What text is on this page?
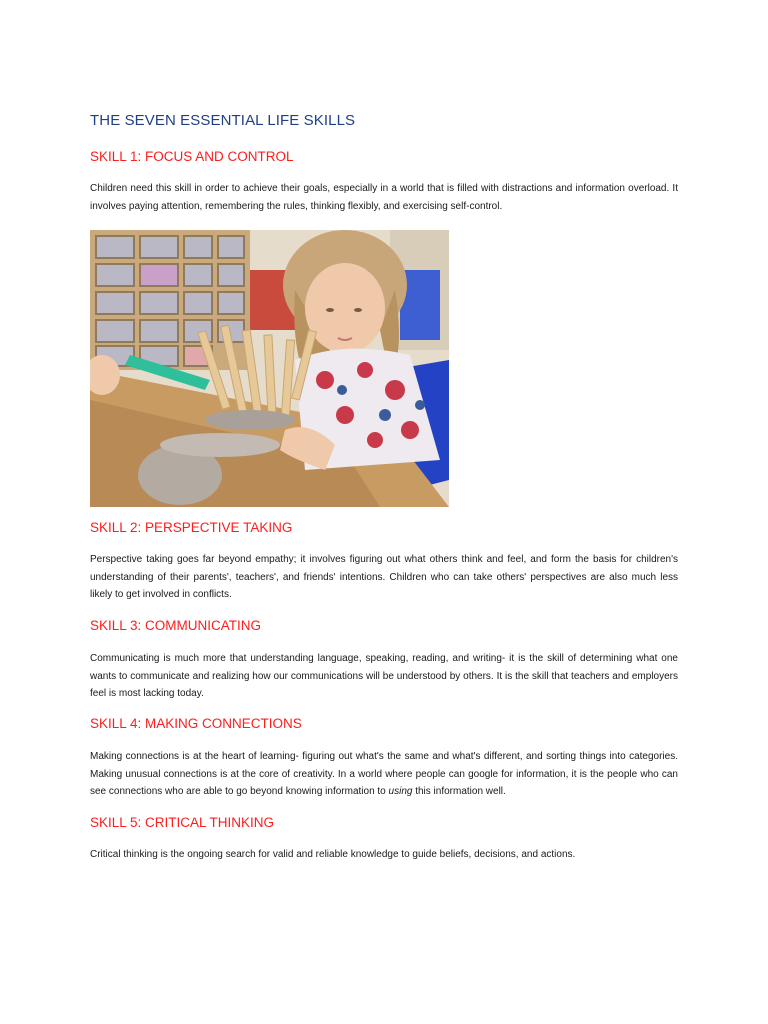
THE SEVEN ESSENTIAL LIFE SKILLS
SKILL 1: FOCUS AND CONTROL

Children need this skill in order to achieve their goals, especially in a world that is filled with distractions and information overload. It involves paying attention, remembering the rules, thinking flexibly, and exercising self-control.

SKILL 2: PERSPECTIVE TAKING

Perspective taking goes far beyond empathy; it involves figuring out what others think and feel, and form the basis for children's understanding of their parents', teachers', and friends' intentions. Children who can take others' perspectives are also much less likely to get involved in conflicts.

SKILL 3: COMMUNICATING

Communicating is much more that understanding language, speaking, reading, and writing- it is the skill of determining what one wants to communicate and realizing how our communications will be understood by others. It is the skill that teachers and employers feel is most lacking today.

SKILL 4: MAKING CONNECTIONS

Making connections is at the heart of learning- figuring out what's the same and what's different, and sorting things into categories. Making unusual connections is at the core of creativity. In a world where people can google for information, it is the people who can see connections who are able to go beyond knowing information to using this information well.

SKILL 5: CRITICAL THINKING

Critical thinking is the ongoing search for valid and reliable knowledge to guide beliefs, decisions, and actions.
